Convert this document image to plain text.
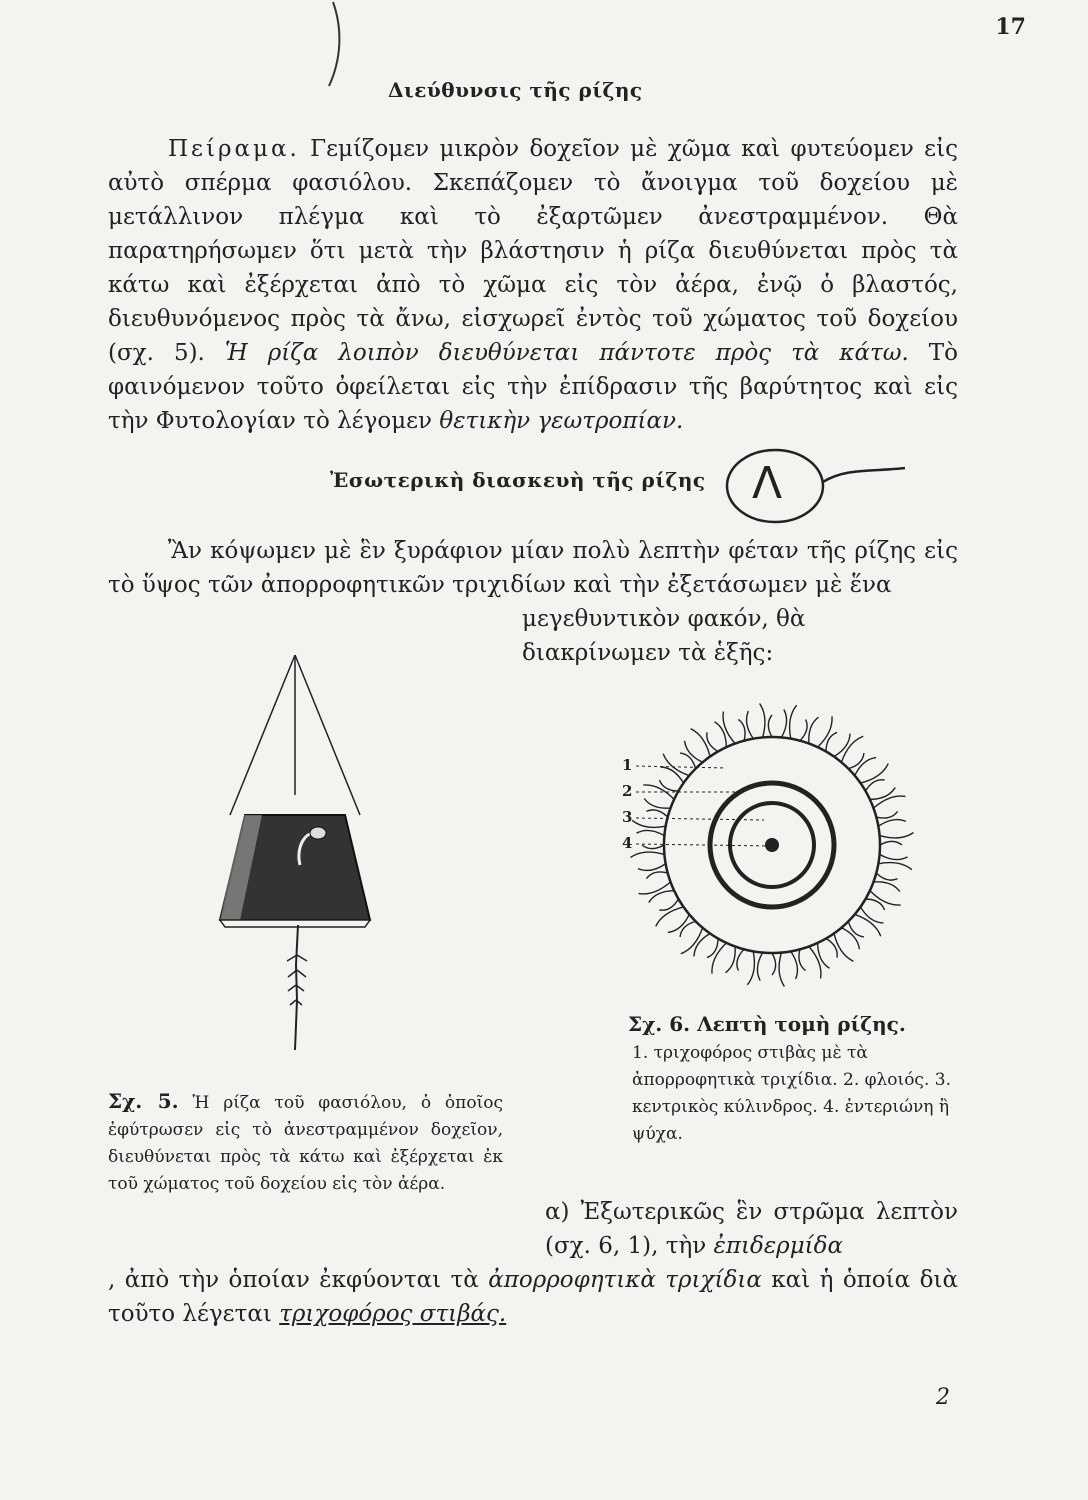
17
Διεύθυνσις τῆς ρίζης
Πείραμα. Γεμίζομεν μικρὸν δοχεῖον μὲ χῶμα καὶ φυτεύομεν εἰς αὐτὸ σπέρμα φασιόλου. Σκεπάζομεν τὸ ἄνοιγμα τοῦ δοχείου μὲ μετάλλινον πλέγμα καὶ τὸ ἐξαρτῶμεν ἀνεστραμμένον. Θὰ παρατηρήσωμεν ὅτι μετὰ τὴν βλάστησιν ἡ ρίζα διευθύνεται πρὸς τὰ κάτω καὶ ἐξέρχεται ἀπὸ τὸ χῶμα εἰς τὸν ἀέρα, ἐνῷ ὁ βλαστός, διευθυνόμενος πρὸς τὰ ἄνω, εἰσχωρεῖ ἐντὸς τοῦ χώματος τοῦ δοχείου (σχ. 5). Ἡ ρίζα λοιπὸν διευθύνεται πάντοτε πρὸς τὰ κάτω. Τὸ φαινόμενον τοῦτο ὀφείλεται εἰς τὴν ἐπίδρασιν τῆς βαρύτητος καὶ εἰς τὴν Φυτολογίαν τὸ λέγομεν θετικὴν γεωτροπίαν.
Ἐσωτερικὴ διασκευὴ τῆς ρίζης Λ
Ἂν κόψωμεν μὲ ἓν ξυράφιον μίαν πολὺ λεπτὴν φέταν τῆς ρίζης εἰς τὸ ὕψος τῶν ἀπορροφητικῶν τριχιδίων καὶ τὴν ἐξετάσωμεν μὲ ἕνα
μεγεθυντικὸν φακόν, θὰ διακρίνωμεν τὰ ἑξῆς:
1
2
3
4
Σχ. 6. Λεπτὴ τομὴ ρίζης.
1. τριχοφόρος στιβὰς μὲ τὰ ἀπορροφητικὰ τριχίδια. 2. φλοιός. 3. κεντρικὸς κύλινδρος. 4. ἐντεριώνη ἢ ψύχα.
Σχ. 5. Ἡ ρίζα τοῦ φασιόλου, ὁ ὁποῖος ἐφύτρωσεν εἰς τὸ ἀνεστραμμένον δοχεῖον, διευθύνεται πρὸς τὰ κάτω καὶ ἐξέρχεται ἐκ τοῦ χώματος τοῦ δοχείου εἰς τὸν ἀέρα.
α) Ἐξωτερικῶς ἓν στρῶμα λεπτὸν (σχ. 6, 1), τὴν ἐπιδερμίδα
, ἀπὸ τὴν ὁποίαν ἐκφύονται τὰ ἀπορροφητικὰ τριχίδια καὶ ἡ ὁποία διὰ τοῦτο λέγεται τριχοφόρος στιβάς.
2
